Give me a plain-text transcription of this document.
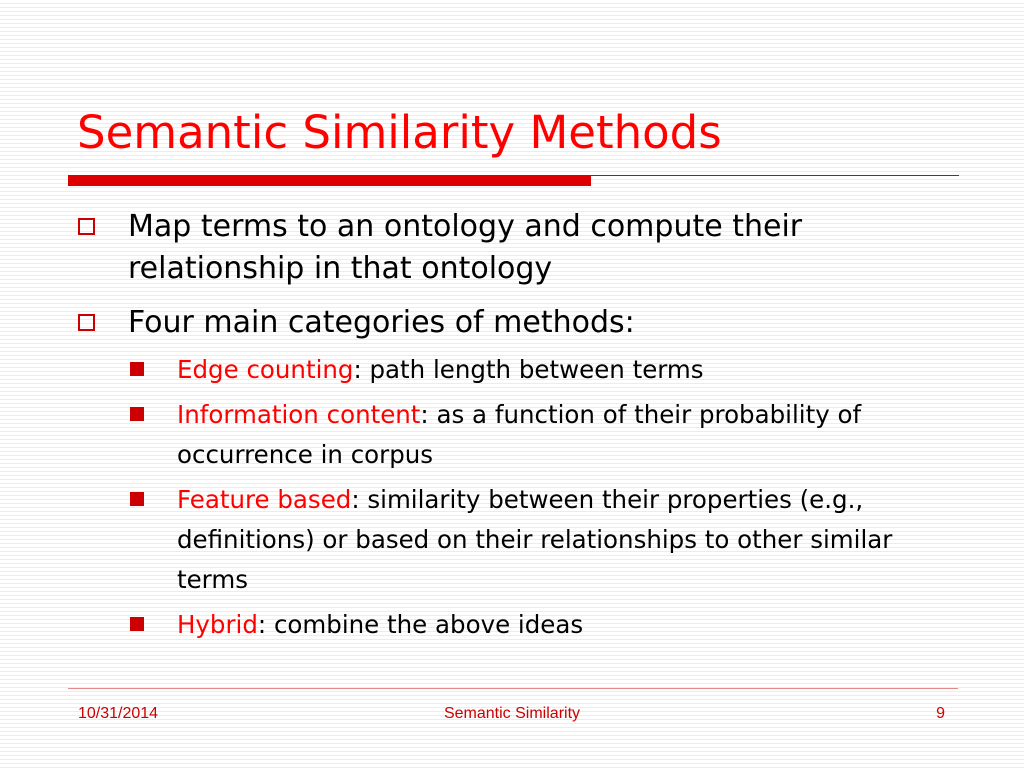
Semantic Similarity Methods
Map terms to an ontology and compute their relationship in that ontology
Four main categories of methods:
Edge counting: path length between terms
Information content: as a function of their probability of occurrence in corpus
Feature based: similarity between their properties (e.g., definitions) or based on their relationships to other similar terms
Hybrid: combine the above ideas
10/31/2014	Semantic Similarity	9
